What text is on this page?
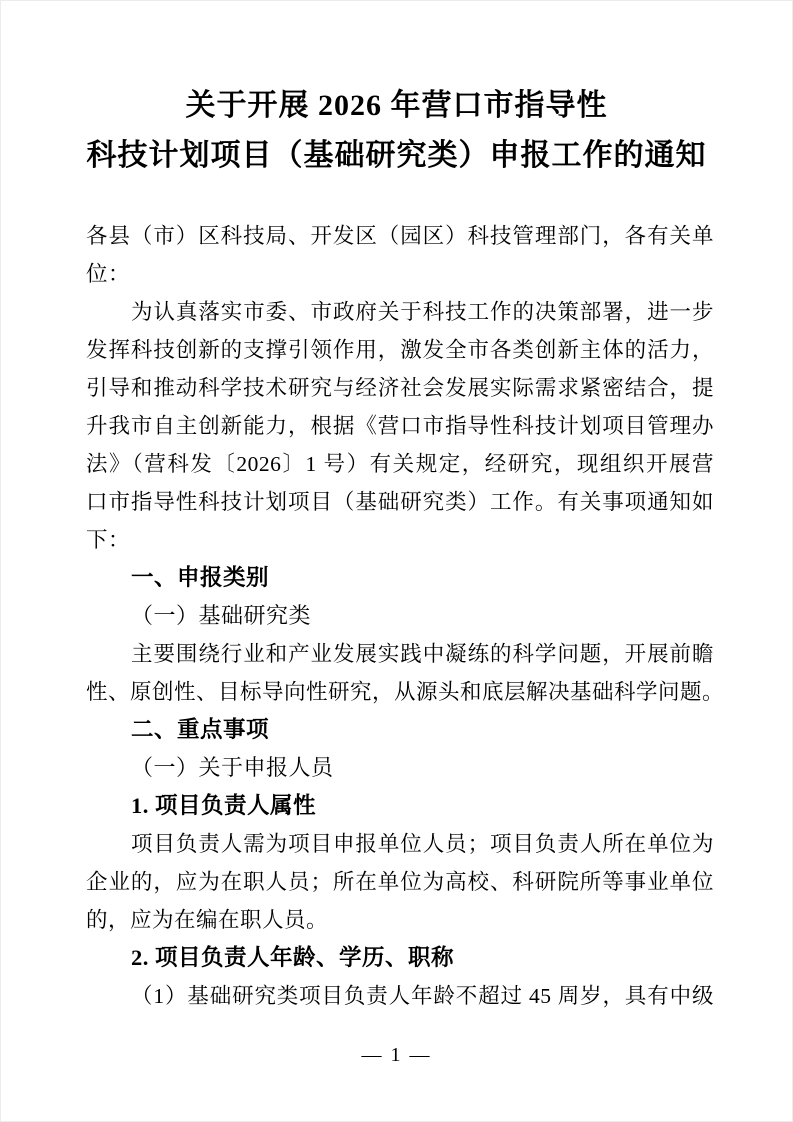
关于开展 2026 年营口市指导性
科技计划项目（基础研究类）申报工作的通知
各县（市）区科技局、开发区（园区）科技管理部门，各有关单
位：
为认真落实市委、市政府关于科技工作的决策部署，进一步
发挥科技创新的支撑引领作用，激发全市各类创新主体的活力，
引导和推动科学技术研究与经济社会发展实际需求紧密结合，提
升我市自主创新能力，根据《营口市指导性科技计划项目管理办
法》（营科发〔2026〕1 号）有关规定，经研究，现组织开展营
口市指导性科技计划项目（基础研究类）工作。有关事项通知如
下：
一、申报类别
（一）基础研究类
主要围绕行业和产业发展实践中凝练的科学问题，开展前瞻
性、原创性、目标导向性研究，从源头和底层解决基础科学问题。
二、重点事项
（一）关于申报人员
1. 项目负责人属性
项目负责人需为项目申报单位人员；项目负责人所在单位为
企业的，应为在职人员；所在单位为高校、科研院所等事业单位
的，应为在编在职人员。
2. 项目负责人年龄、学历、职称
（1）基础研究类项目负责人年龄不超过 45 周岁，具有中级
— 1 —
